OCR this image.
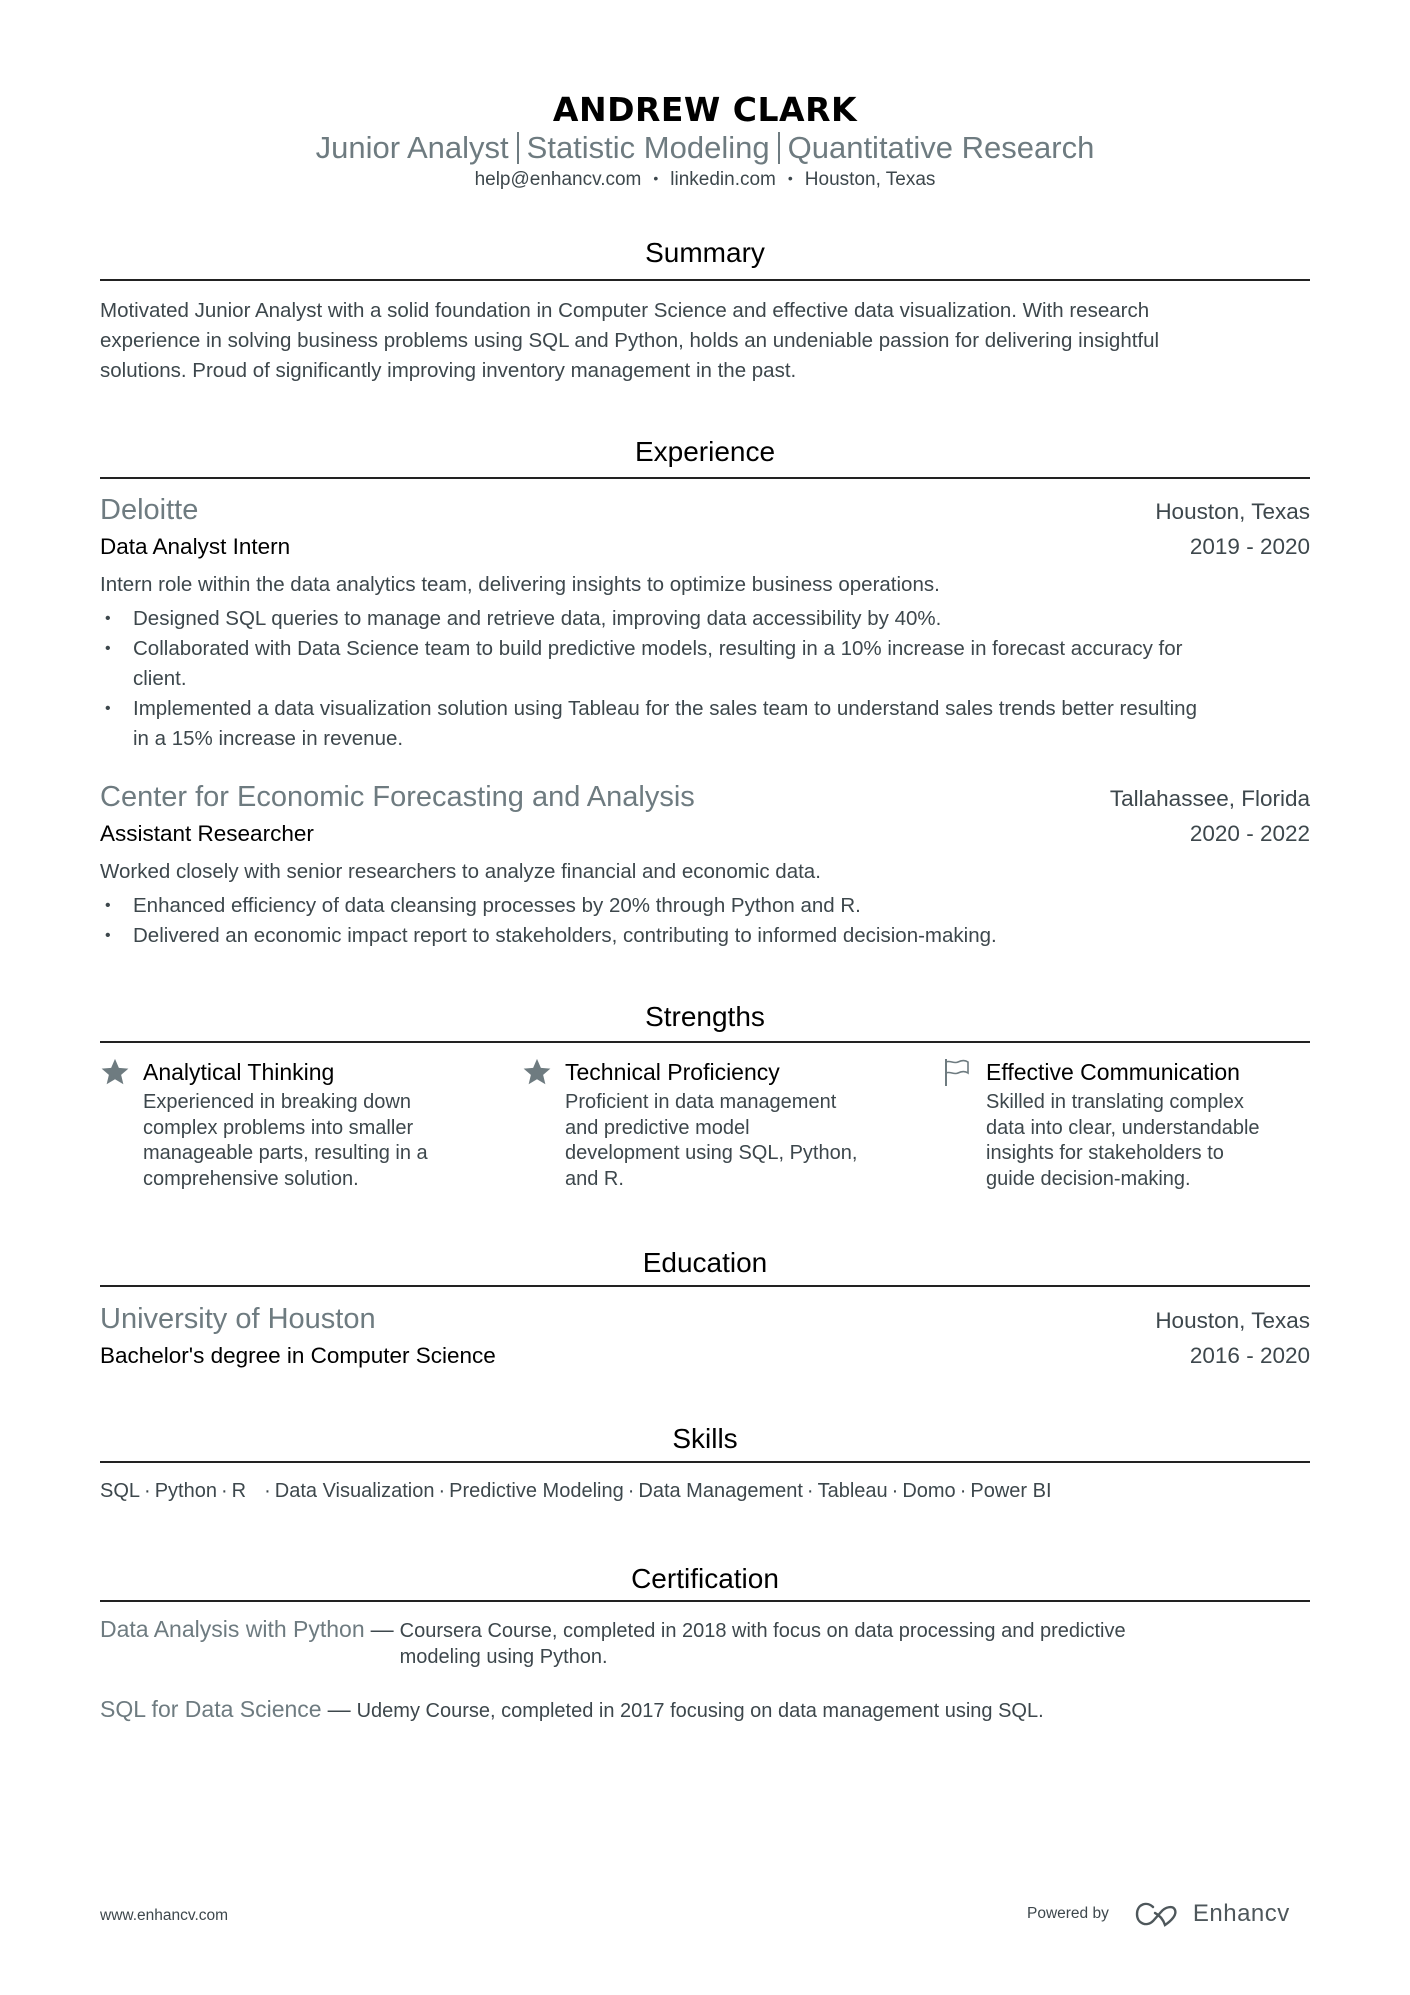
ANDREW CLARK
Junior Analyst Statistic Modeling Quantitative Research
help@enhancv.com • linkedin.com • Houston, Texas
Summary
Motivated Junior Analyst with a solid foundation in Computer Science and effective data visualization. With research
experience in solving business problems using SQL and Python, holds an undeniable passion for delivering insightful
solutions. Proud of significantly improving inventory management in the past.
Experience
Deloitte	Houston, Texas
Data Analyst Intern	2019 - 2020
Intern role within the data analytics team, delivering insights to optimize business operations.
• Designed SQL queries to manage and retrieve data, improving data accessibility by 40%.
• Collaborated with Data Science team to build predictive models, resulting in a 10% increase in forecast accuracy for
client.
• Implemented a data visualization solution using Tableau for the sales team to understand sales trends better resulting
in a 15% increase in revenue.
Center for Economic Forecasting and Analysis	Tallahassee, Florida
Assistant Researcher	2020 - 2022
Worked closely with senior researchers to analyze financial and economic data.
• Enhanced efficiency of data cleansing processes by 20% through Python and R.
• Delivered an economic impact report to stakeholders, contributing to informed decision-making.
Strengths
Analytical Thinking
Experienced in breaking down
complex problems into smaller
manageable parts, resulting in a
comprehensive solution.
Technical Proficiency
Proficient in data management
and predictive model
development using SQL, Python,
and R.
Effective Communication
Skilled in translating complex
data into clear, understandable
insights for stakeholders to
guide decision-making.
Education
University of Houston	Houston, Texas
Bachelor's degree in Computer Science	2016 - 2020
Skills
SQL · Python · R · Data Visualization · Predictive Modeling · Data Management · Tableau · Domo · Power BI
Certification
Data Analysis with Python — Coursera Course, completed in 2018 with focus on data processing and predictive
modeling using Python.
SQL for Data Science — Udemy Course, completed in 2017 focusing on data management using SQL.
www.enhancv.com	Powered by	Enhancv
